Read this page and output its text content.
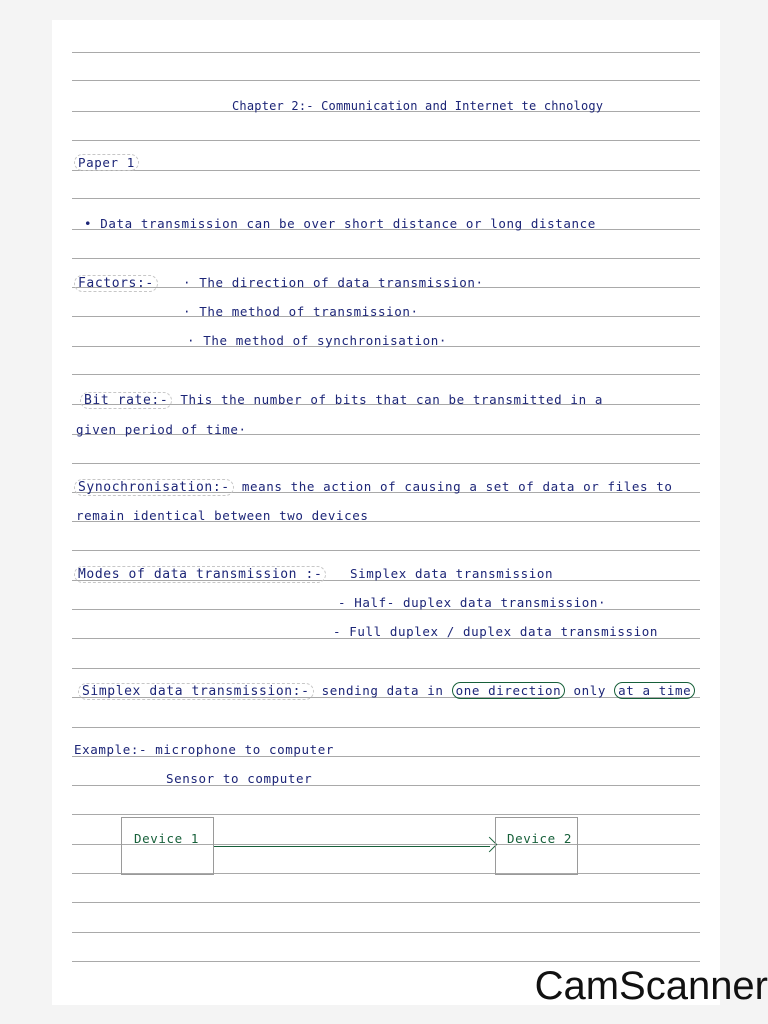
Chapter 2:- Communication and Internet te chnology
Paper 1
• Data transmission can be over short distance or long distance
Factors:-	· The direction of data transmission·
· The method of transmission·
· The method of synchronisation·
Bit rate:- This the number of bits that can be transmitted in a
given period of time·
Synochronisation:- means the action of causing a set of data or files to
remain identical between two devices
Modes of data transmission :-	Simplex data transmission
- Half- duplex data transmission·
- Full duplex / duplex data transmission
Simplex data transmission:- sending data in one direction only at a time
Example:- microphone to computer
Sensor to computer
Device 1	Device 2
CamScanner
